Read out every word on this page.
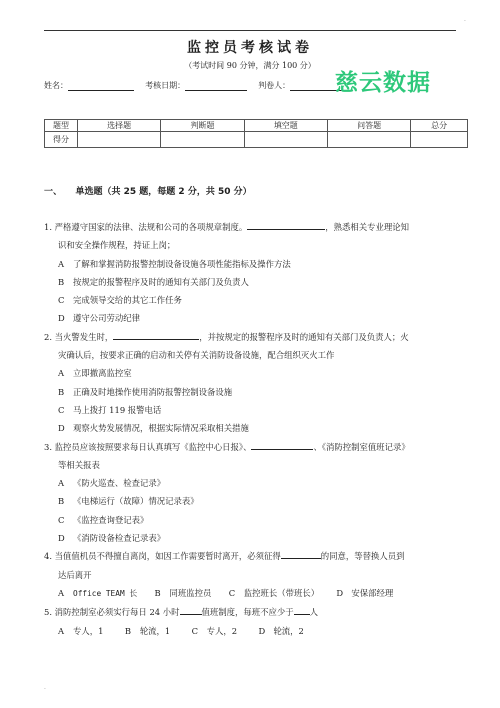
监控员考核试卷
（考试时间 90 分钟，满分 100 分）
姓名：	考核日期：	判卷人：	慈云数据
题型	选择题	判断题	填空题	问答题	总分
得分					
一、　　单选题（共 25 题，每题 2 分，共 50 分）

1. 严格遵守国家的法律、法规和公司的各项规章制度。	，熟悉相关专业理论知

识和安全操作规程，持证上岗；

A 了解和掌握消防报警控制设备设施各项性能指标及操作方法

B 按规定的报警程序及时的通知有关部门及负责人

C 完成领导交给的其它工作任务

D 遵守公司劳动纪律

2. 当火警发生时，	，并按规定的报警程序及时的通知有关部门及负责人；火

灾确认后，按要求正确的启动和关停有关消防设备设施，配合组织灭火工作

A 立即撤离监控室

B 正确及时地操作使用消防报警控制设备设施

C 马上拨打 119 报警电话

D 观察火势发展情况，根据实际情况采取相关措施

3. 监控员应该按照要求每日认真填写《监控中心日报》、	、《消防控制室值班记录》

等相关报表

A 《防火巡查、检查记录》

B 《电梯运行（故障）情况记录表》

C 《监控查询登记表》

D 《消防设备检查记录表》

4. 当值值机员不得擅自离岗，如因工作需要暂时离开，必须征得	的同意，等替换人员到

达后离开

A Office TEAM 长 B 同班监控员 C 监控班长（带班长） D 安保部经理

5. 消防控制室必须实行每日 24 小时	值班制度，每班不应少于 人

A 专人，1	B 轮流，1	C 专人，2	D 轮流，2

·
·
